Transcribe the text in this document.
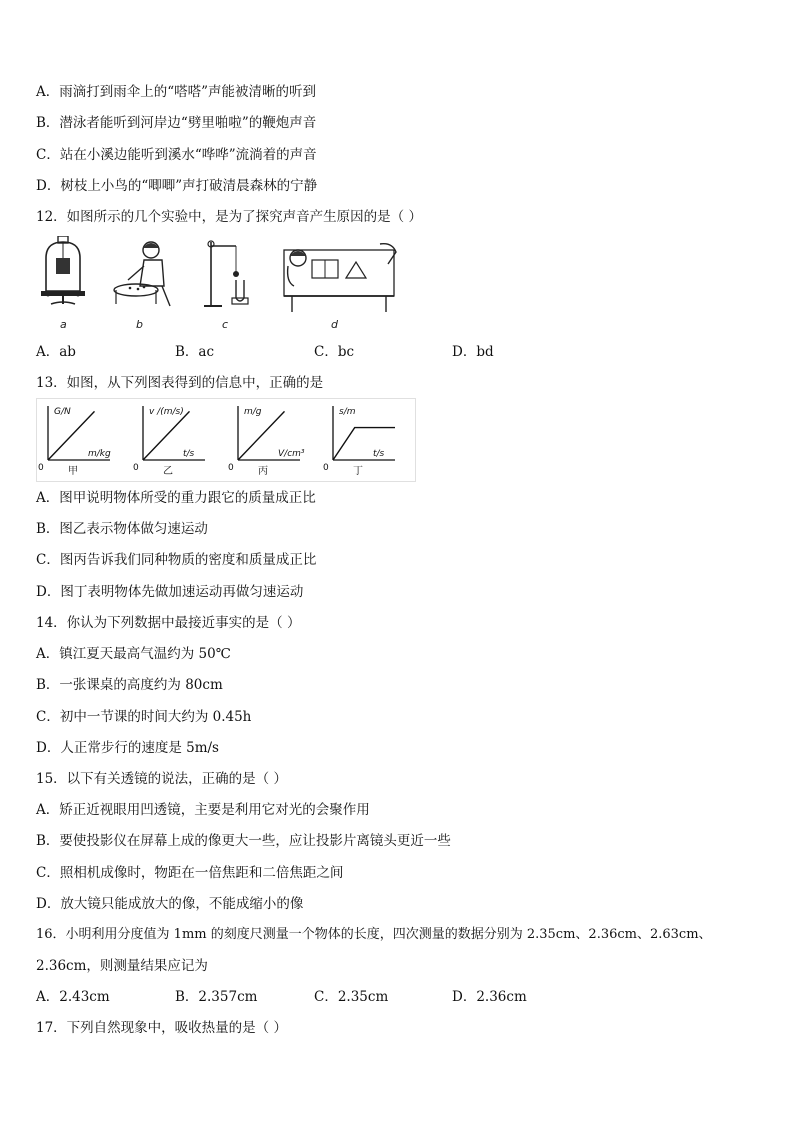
A．雨滴打到雨伞上的“嗒嗒”声能被清晰的听到
B．潜泳者能听到河岸边“劈里啪啦”的鞭炮声音
C．站在小溪边能听到溪水“哗哗”流淌着的声音
D．树枝上小鸟的“唧唧”声打破清晨森林的宁静
12．如图所示的几个实验中，是为了探究声音产生原因的是（ ）
a	b	c	d
A．ab	B．ac	C．bc	D．bd
13．如图，从下列图表得到的信息中，正确的是
G/N
m/kg
0 甲
v /(m/s)
t/s
0 乙
m/g
V/cm³
0 丙
s/m
t/s
0 丁
A．图甲说明物体所受的重力跟它的质量成正比
B．图乙表示物体做匀速运动
C．图丙告诉我们同种物质的密度和质量成正比
D．图丁表明物体先做加速运动再做匀速运动
14．你认为下列数据中最接近事实的是（ ）
A．镇江夏天最高气温约为 50℃
B．一张课桌的高度约为 80cm
C．初中一节课的时间大约为 0.45h
D．人正常步行的速度是 5m/s
15．以下有关透镜的说法，正确的是（ ）
A．矫正近视眼用凹透镜，主要是利用它对光的会聚作用
B．要使投影仪在屏幕上成的像更大一些，应让投影片离镜头更近一些
C．照相机成像时，物距在一倍焦距和二倍焦距之间
D．放大镜只能成放大的像，不能成缩小的像
16．小明利用分度值为 1mm 的刻度尺测量一个物体的长度，四次测量的数据分别为 2.35cm、2.36cm、2.63cm、
2.36cm，则测量结果应记为
A．2.43cm	B．2.357cm	C．2.35cm	D．2.36cm
17．下列自然现象中，吸收热量的是（ ）
